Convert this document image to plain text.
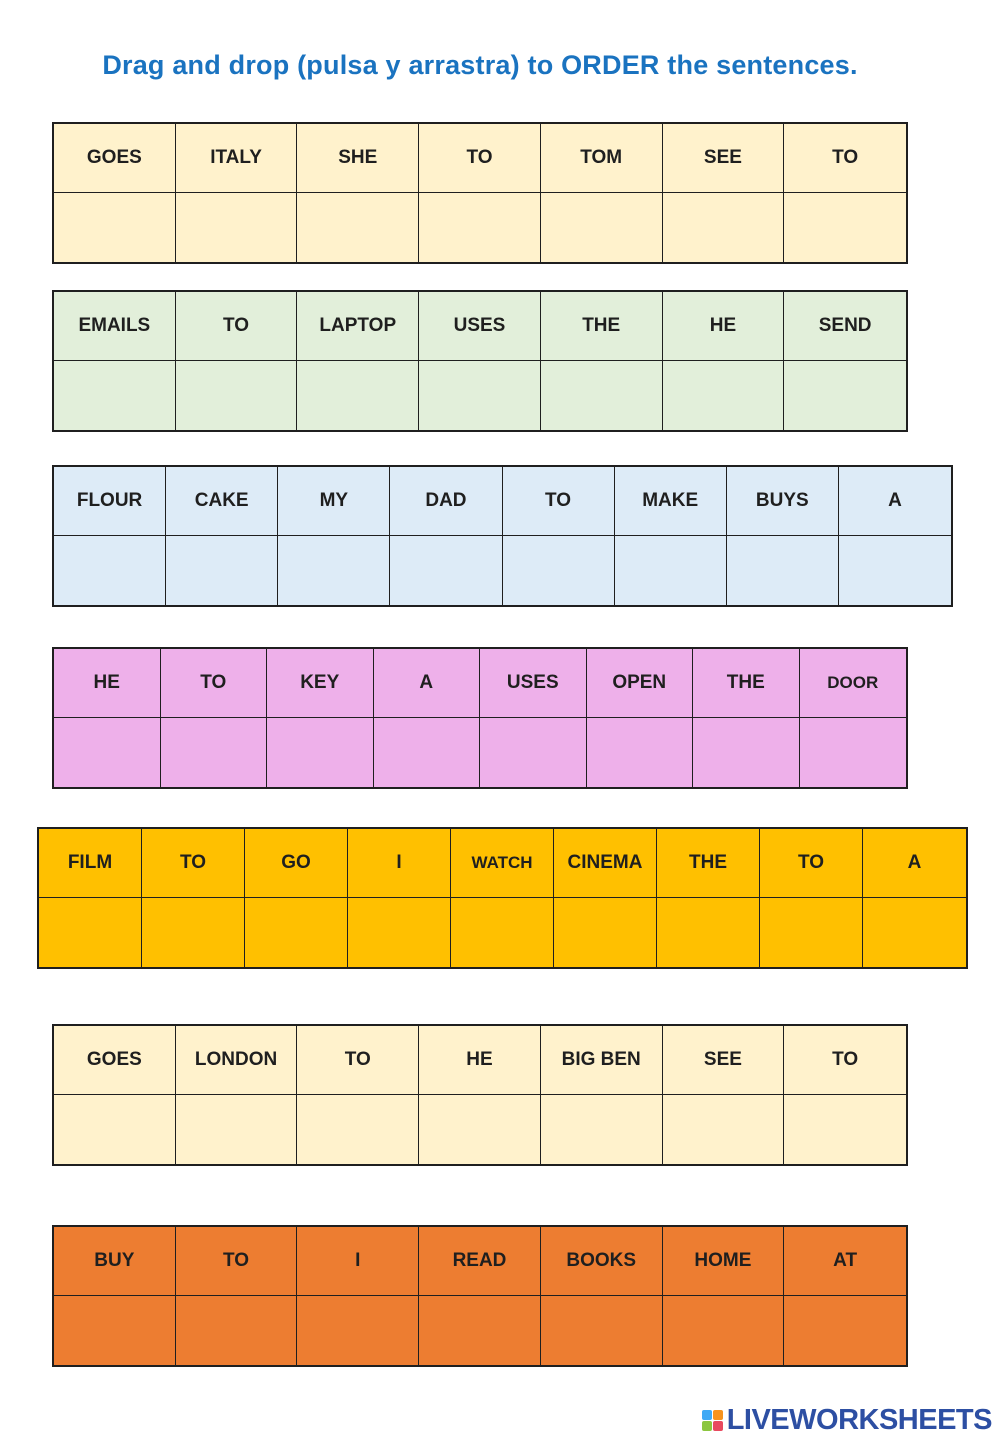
Drag and drop (pulsa y arrastra) to ORDER the sentences.
GOES	ITALY	SHE	TO	TOM	SEE	TO
EMAILS	TO	LAPTOP	USES	THE	HE	SEND
FLOUR	CAKE	MY	DAD	TO	MAKE	BUYS	A
HE	TO	KEY	A	USES	OPEN	THE	DOOR
FILM	TO	GO	I	WATCH	CINEMA	THE	TO	A
GOES	LONDON	TO	HE	BIG BEN	SEE	TO
BUY	TO	I	READ	BOOKS	HOME	AT
LIVEWORKSHEETS
